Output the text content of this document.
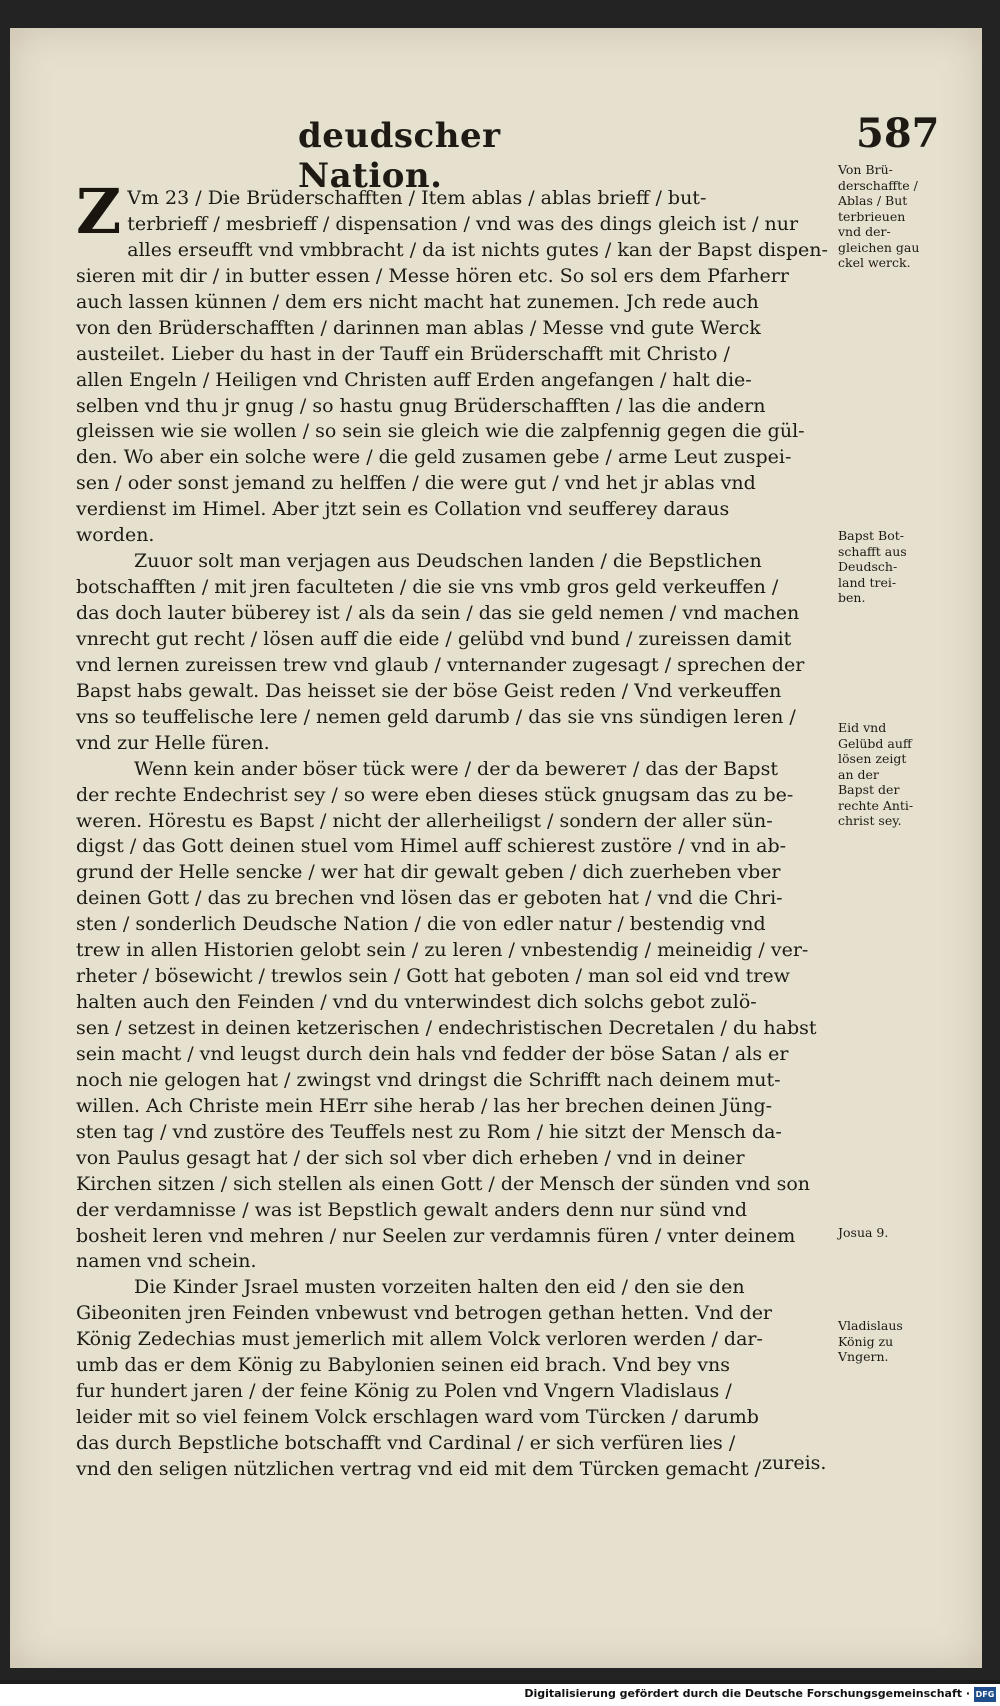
deudscher Nation.
587
Z Vm 23 / Die Brüderschafften / Item ablas / ablas brieff / but-
terbrieff / mesbrieff / dispensation / vnd was des dings gleich ist / nur
alles erseufft vnd vmbbracht / da ist nichts gutes / kan der Bapst dispen-
sieren mit dir / in butter essen / Messe hören etc. So sol ers dem Pfarherr
auch lassen künnen / dem ers nicht macht hat zunemen. Jch rede auch
von den Brüderschafften / darinnen man ablas / Messe vnd gute Werck
austeilet. Lieber du hast in der Tauff ein Brüderschafft mit Christo /
allen Engeln / Heiligen vnd Christen auff Erden angefangen / halt die-
selben vnd thu jr gnug / so hastu gnug Brüderschafften / las die andern
gleissen wie sie wollen / so sein sie gleich wie die zalpfennig gegen die gül-
den. Wo aber ein solche were / die geld zusamen gebe / arme Leut zuspei-
sen / oder sonst jemand zu helffen / die were gut / vnd het jr ablas vnd
verdienst im Himel. Aber jtzt sein es Collation vnd seufferey daraus
worden.
Zuuor solt man verjagen aus Deudschen landen / die Bepstlichen
botschafften / mit jren faculteten / die sie vns vmb gros geld verkeuffen /
das doch lauter büberey ist / als da sein / das sie geld nemen / vnd machen
vnrecht gut recht / lösen auff die eide / gelübd vnd bund / zureissen damit
vnd lernen zureissen trew vnd glaub / vnternander zugesagt / sprechen der
Bapst habs gewalt. Das heisset sie der böse Geist reden / Vnd verkeuffen
vns so teuffelische lere / nemen geld darumb / das sie vns sündigen leren /
vnd zur Helle füren.
Wenn kein ander böser tück were / der da bewerет / das der Bapst
der rechte Endechrist sey / so were eben dieses stück gnugsam das zu be-
weren. Hörestu es Bapst / nicht der allerheiligst / sondern der aller sün-
digst / das Gott deinen stuel vom Himel auff schierest zustöre / vnd in ab-
grund der Helle sencke / wer hat dir gewalt geben / dich zuerheben vber
deinen Gott / das zu brechen vnd lösen das er geboten hat / vnd die Chri-
sten / sonderlich Deudsche Nation / die von edler natur / bestendig vnd
trew in allen Historien gelobt sein / zu leren / vnbestendig / meineidig / ver-
rheter / bösewicht / trewlos sein / Gott hat geboten / man sol eid vnd trew
halten auch den Feinden / vnd du vnterwindest dich solchs gebot zulö-
sen / setzest in deinen ketzerischen / endechristischen Decretalen / du habst
sein macht / vnd leugst durch dein hals vnd fedder der böse Satan / als er
noch nie gelogen hat / zwingst vnd dringst die Schrifft nach deinem mut-
willen. Ach Christe mein HErr sihe herab / las her brechen deinen Jüng-
sten tag / vnd zustöre des Teuffels nest zu Rom / hie sitzt der Mensch da-
von Paulus gesagt hat / der sich sol vber dich erheben / vnd in deiner
Kirchen sitzen / sich stellen als einen Gott / der Mensch der sünden vnd son
der verdamnisse / was ist Bepstlich gewalt anders denn nur sünd vnd
bosheit leren vnd mehren / nur Seelen zur verdamnis füren / vnter deinem
namen vnd schein.
Die Kinder Jsrael musten vorzeiten halten den eid / den sie den
Gibeoniten jren Feinden vnbewust vnd betrogen gethan hetten. Vnd der
König Zedechias must jemerlich mit allem Volck verloren werden / dar-
umb das er dem König zu Babylonien seinen eid brach. Vnd bey vns
fur hundert jaren / der feine König zu Polen vnd Vngern Vladislaus /
leider mit so viel feinem Volck erschlagen ward vom Türcken / darumb
das durch Bepstliche botschafft vnd Cardinal / er sich verfüren lies /
vnd den seligen nützlichen vertrag vnd eid mit dem Türcken gemacht /
Von Brü-
derschaffte /
Ablas / But
terbrieuen
vnd der-
gleichen gau
ckel werck.
Bapst Bot-
schafft aus
Deudsch-
land trei-
ben.
Eid vnd
Gelübd auff
lösen zeigt
an der
Bapst der
rechte Anti-
christ sey.
Josua 9.
Vladislaus
König zu
Vngern.
zureis.
Digitalisierung gefördert durch die Deutsche Forschungsgemeinschaft · DFG
